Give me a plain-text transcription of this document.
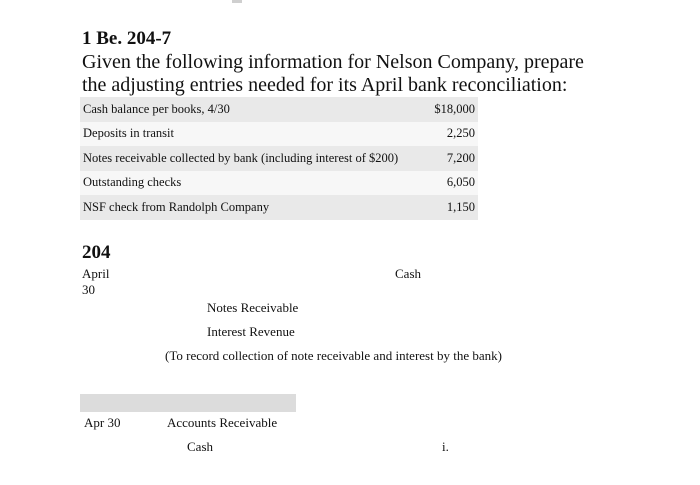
1 Be. 204-7
Given the following information for Nelson Company, prepare
the adjusting entries needed for its April bank reconciliation:
Cash balance per books, 4/30	$18,000
Deposits in transit	2,250
Notes receivable collected by bank (including interest of $200)	7,200
Outstanding checks	6,050
NSF check from Randolph Company	1,150
204
April
30
Cash
Notes Receivable
Interest Revenue
(To record collection of note receivable and interest by the bank)
Apr 30	Accounts Receivable
Cash	i.
